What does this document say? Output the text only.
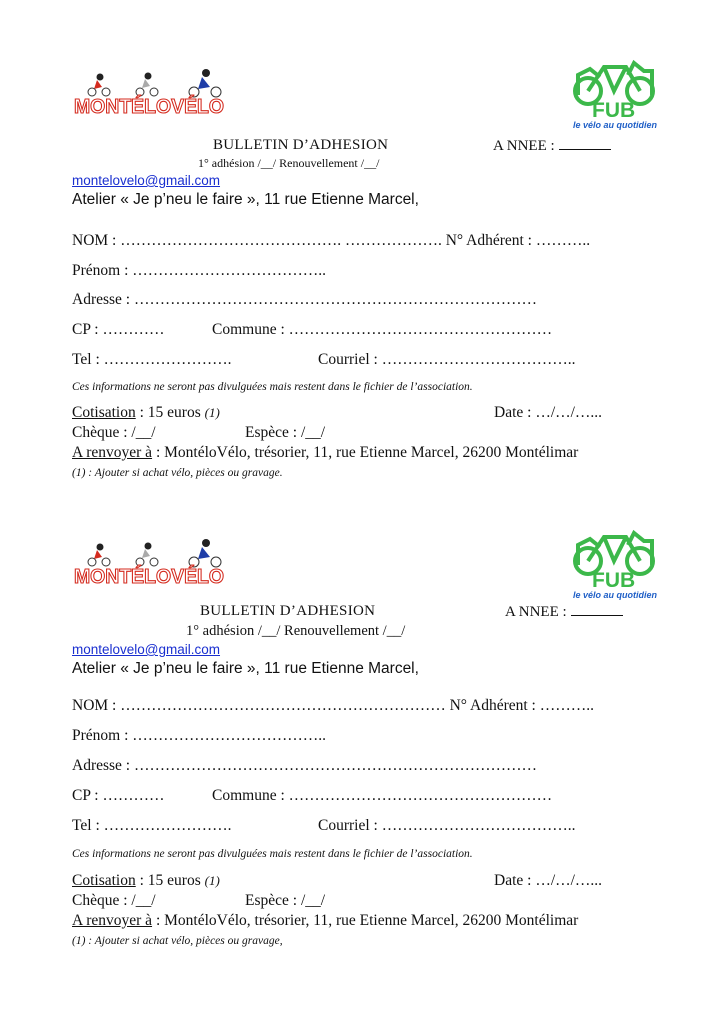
MONTÉLOVÉLO	FUB
le vélo au quotidien
BULLETIN D’ADHESION	A NNEE :
1° adhésion /__/ Renouvellement /__/
montelovelo@gmail.com
Atelier « Je p’neu le faire », 11 rue Etienne Marcel,
NOM : ……………………………………. ………………. N° Adhérent : ………..
Prénom : ………………………………..
Adresse : ……………………………………………………………………
CP : …………	Commune : ……………………………………………
Tel : …………………….	Courriel : ………………………………..
Ces informations ne seront pas divulguées mais restent dans le fichier de l’association.
Cotisation : 15 euros (1)	Date : …/…/…...
Chèque : /__/	Espèce : /__/
A renvoyer à : MontéloVélo, trésorier, 11, rue Etienne Marcel, 26200 Montélimar
(1) : Ajouter si achat vélo, pièces ou gravage.
MONTÉLOVÉLO	FUB
le vélo au quotidien
BULLETIN D’ADHESION	A NNEE :
1° adhésion /__/ Renouvellement /__/
montelovelo@gmail.com
Atelier « Je p’neu le faire », 11 rue Etienne Marcel,
NOM : ……………………………………………………… N° Adhérent : ………..
Prénom : ………………………………..
Adresse : ……………………………………………………………………
CP : …………	Commune : ……………………………………………
Tel : …………………….	Courriel : ………………………………..
Ces informations ne seront pas divulguées mais restent dans le fichier de l’association.
Cotisation : 15 euros (1)	Date : …/…/…...
Chèque : /__/	Espèce : /__/
A renvoyer à : MontéloVélo, trésorier, 11, rue Etienne Marcel, 26200 Montélimar
(1) : Ajouter si achat vélo, pièces ou gravage,
